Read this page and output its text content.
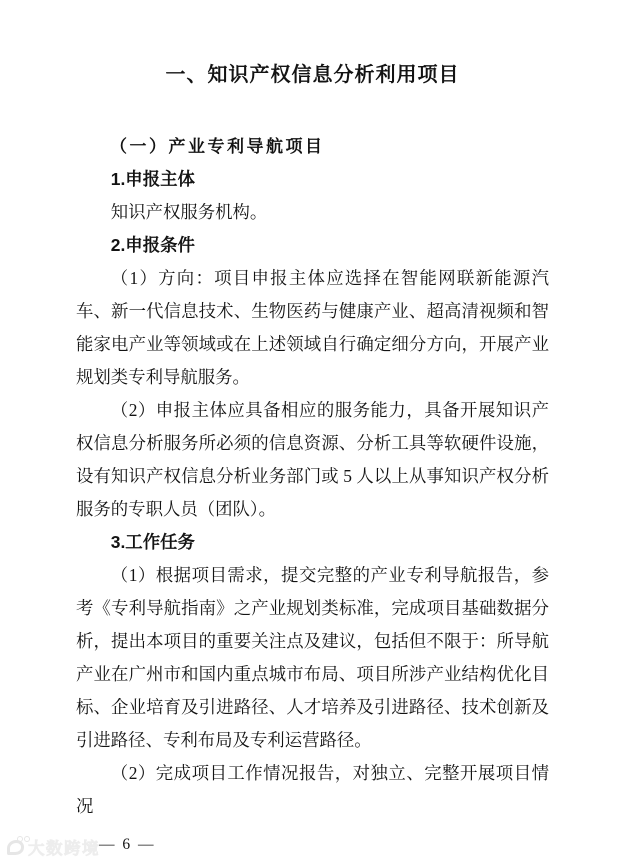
一、知识产权信息分析利用项目

（一）产业专利导航项目

1.申报主体

知识产权服务机构。

2.申报条件

（1）方向：项目申报主体应选择在智能网联新能源汽车、新一代信息技术、生物医药与健康产业、超高清视频和智能家电产业等领域或在上述领域自行确定细分方向，开展产业规划类专利导航服务。

（2）申报主体应具备相应的服务能力，具备开展知识产权信息分析服务所必须的信息资源、分析工具等软硬件设施，设有知识产权信息分析业务部门或 5 人以上从事知识产权分析服务的专职人员（团队）。

3.工作任务

（1）根据项目需求，提交完整的产业专利导航报告，参考《专利导航指南》之产业规划类标准，完成项目基础数据分析，提出本项目的重要关注点及建议，包括但不限于：所导航产业在广州市和国内重点城市布局、项目所涉产业结构优化目标、企业培育及引进路径、人才培养及引进路径、技术创新及引进路径、专利布局及专利运营路径。

（2）完成项目工作情况报告，对独立、完整开展项目情况

— 6 —
大数跨境
